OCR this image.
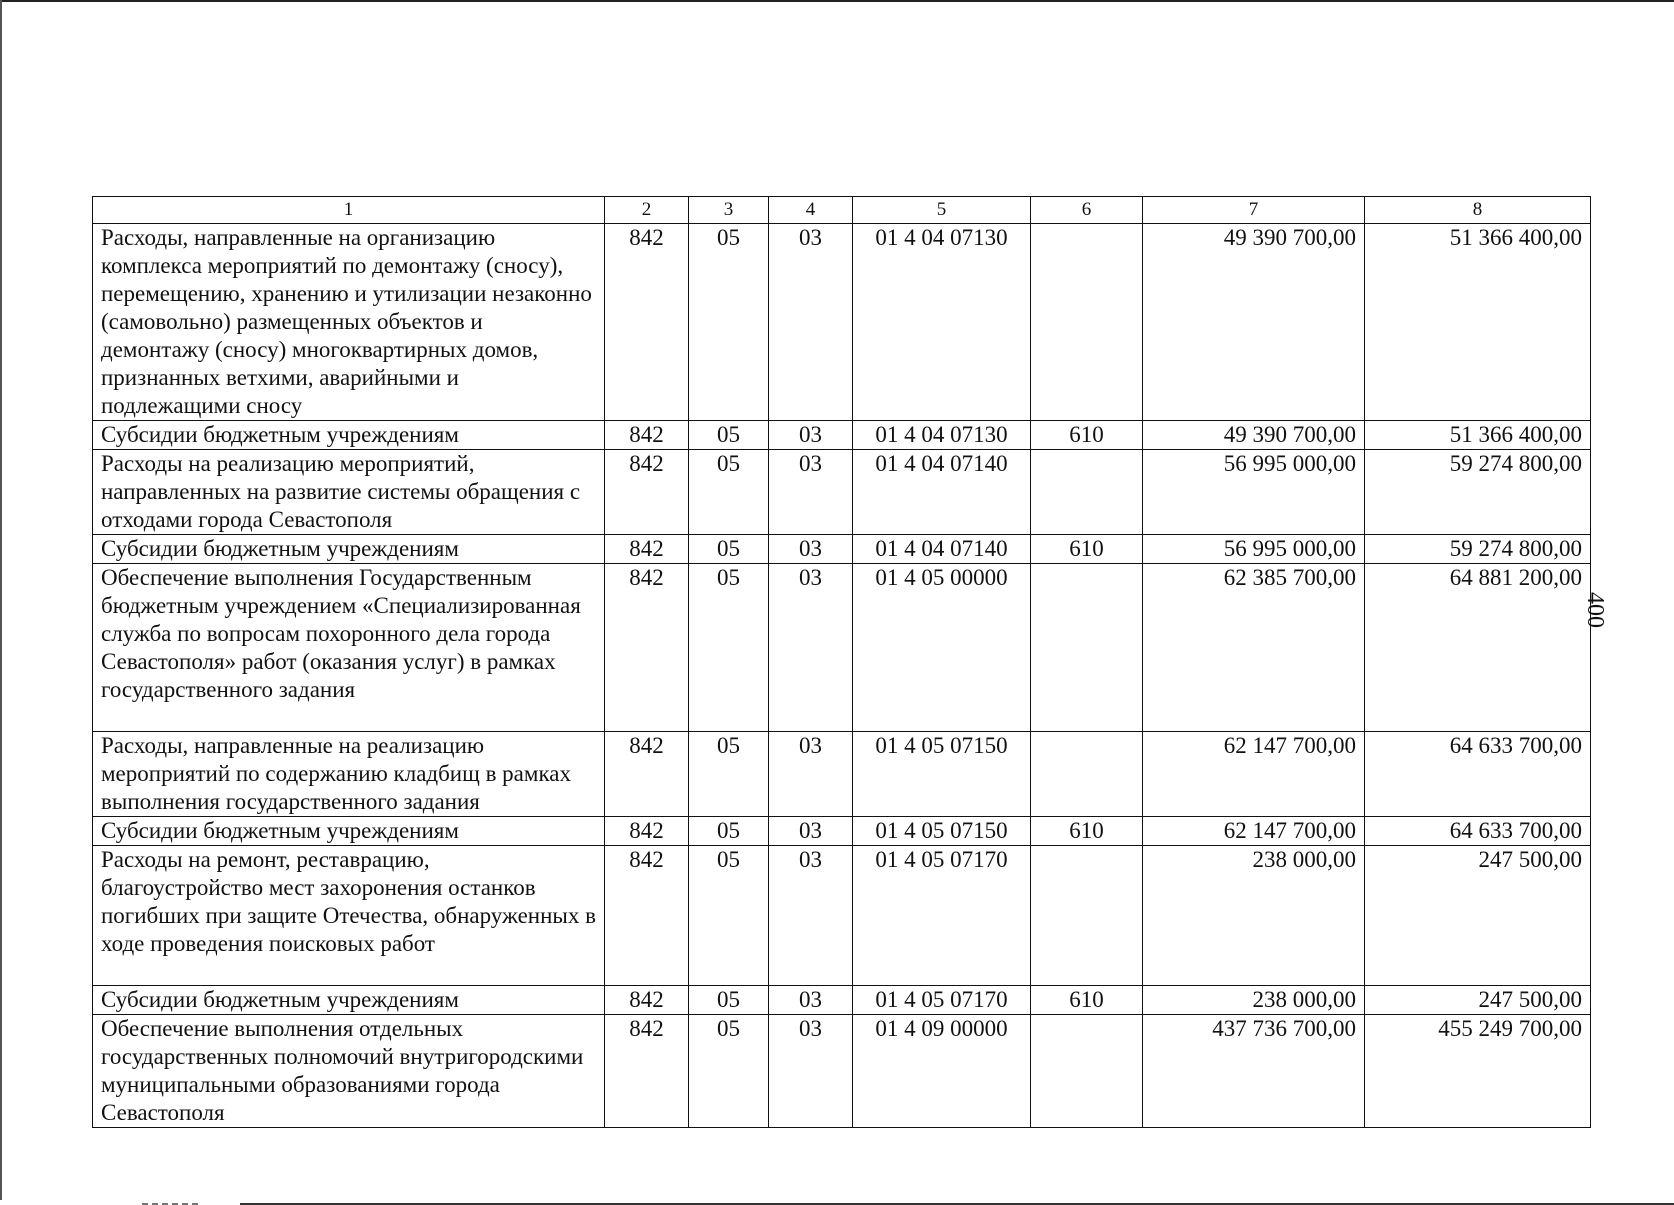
1	2	3	4	5	6	7	8
Расходы, направленные на организацию комплекса мероприятий по демонтажу (сносу), перемещению, хранению и утилизации незаконно (самовольно) размещенных объектов и демонтажу (сносу) многоквартирных домов, признанных ветхими, аварийными и подлежащими сносу	842	05	03	01 4 04 07130		49 390 700,00	51 366 400,00
Субсидии бюджетным учреждениям	842	05	03	01 4 04 07130	610	49 390 700,00	51 366 400,00
Расходы на реализацию мероприятий, направленных на развитие системы обращения с отходами города Севастополя	842	05	03	01 4 04 07140		56 995 000,00	59 274 800,00
Субсидии бюджетным учреждениям	842	05	03	01 4 04 07140	610	56 995 000,00	59 274 800,00
Обеспечение выполнения Государственным бюджетным учреждением «Специализированная служба по вопросам похоронного дела города Севастополя» работ (оказания услуг) в рамках государственного задания	842	05	03	01 4 05 00000		62 385 700,00	64 881 200,00
Расходы, направленные на реализацию мероприятий по содержанию кладбищ в рамках выполнения государственного задания	842	05	03	01 4 05 07150		62 147 700,00	64 633 700,00
Субсидии бюджетным учреждениям	842	05	03	01 4 05 07150	610	62 147 700,00	64 633 700,00
Расходы на ремонт, реставрацию, благоустройство мест захоронения останков погибших при защите Отечества, обнаруженных в ходе проведения поисковых работ	842	05	03	01 4 05 07170		238 000,00	247 500,00
Субсидии бюджетным учреждениям	842	05	03	01 4 05 07170	610	238 000,00	247 500,00
Обеспечение выполнения отдельных государственных полномочий внутригородскими муниципальными образованиями города Севастополя	842	05	03	01 4 09 00000		437 736 700,00	455 249 700,00
400
